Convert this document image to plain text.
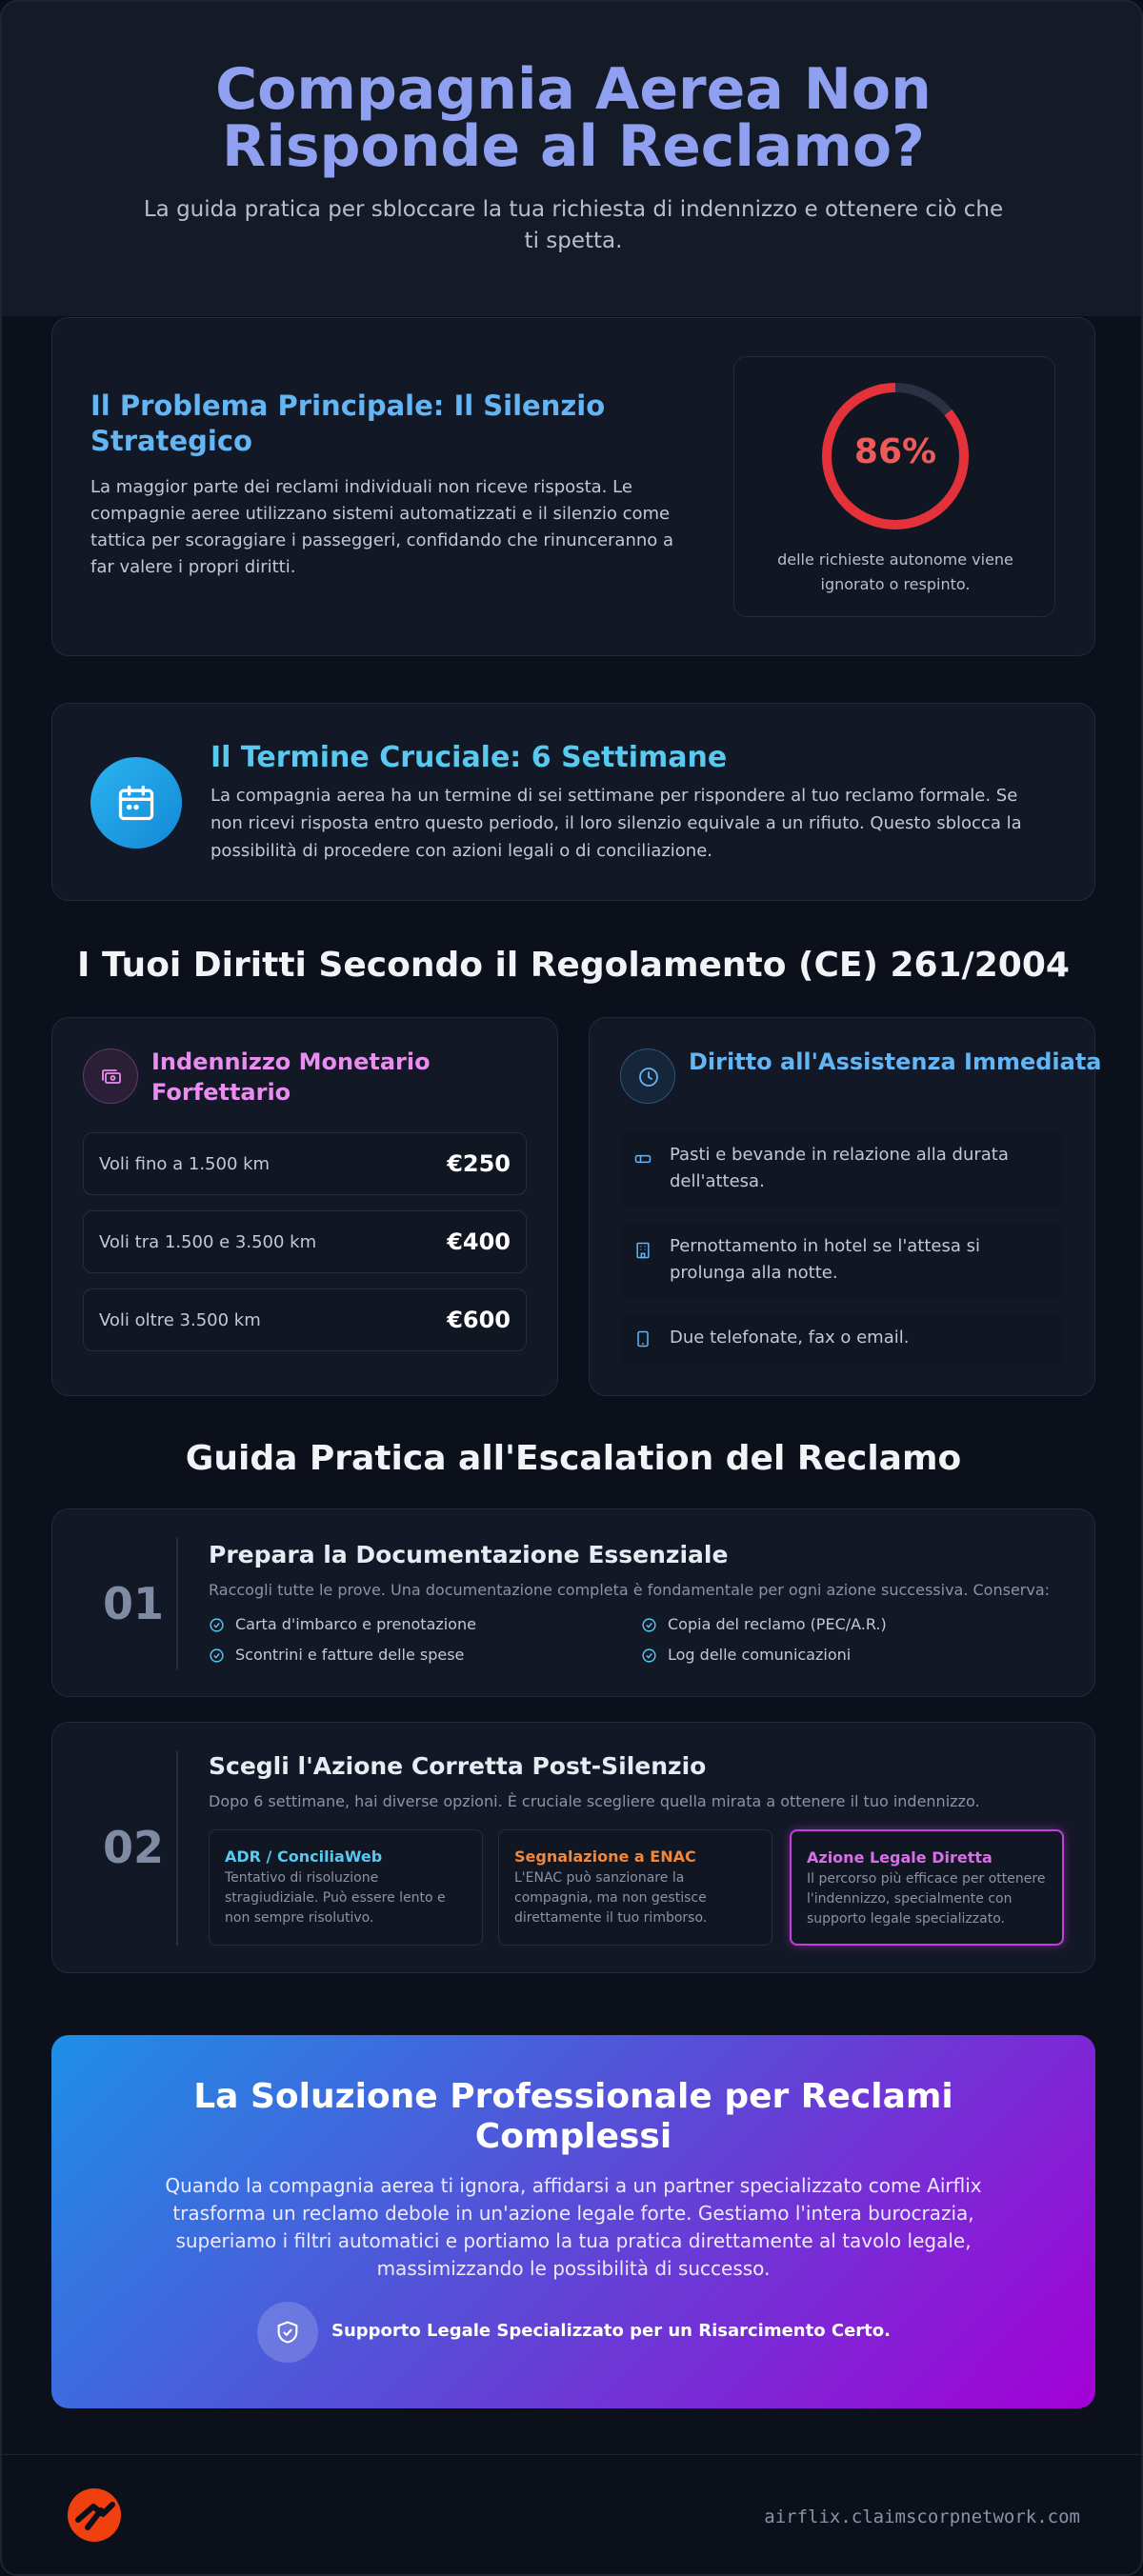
Compagnia Aerea Non Risponde al Reclamo?

La guida pratica per sbloccare la tua richiesta di indennizzo e ottenere ciò che ti spetta.

Il Problema Principale: Il Silenzio Strategico
La maggior parte dei reclami individuali non riceve risposta. Le compagnie aeree utilizzano sistemi automatizzati e il silenzio come tattica per scoraggiare i passeggeri, confidando che rinunceranno a far valere i propri diritti.
86%
delle richieste autonome viene ignorato o respinto.
Il Termine Cruciale: 6 Settimane
La compagnia aerea ha un termine di sei settimane per rispondere al tuo reclamo formale. Se non ricevi risposta entro questo periodo, il loro silenzio equivale a un rifiuto. Questo sblocca la possibilità di procedere con azioni legali o di conciliazione.
I Tuoi Diritti Secondo il Regolamento (CE) 261/2004
Indennizzo Monetario Forfettario
Voli fino a 1.500 km	€250
Voli tra 1.500 e 3.500 km	€400
Voli oltre 3.500 km	€600
Diritto all'Assistenza Immediata
Pasti e bevande in relazione alla durata dell'attesa.
Pernottamento in hotel se l'attesa si prolunga alla notte.
Due telefonate, fax o email.
Guida Pratica all'Escalation del Reclamo
01
Prepara la Documentazione Essenziale
Raccogli tutte le prove. Una documentazione completa è fondamentale per ogni azione successiva. Conserva:
Carta d'imbarco e prenotazione	Copia del reclamo (PEC/A.R.)
Scontrini e fatture delle spese	Log delle comunicazioni
02
Scegli l'Azione Corretta Post-Silenzio
Dopo 6 settimane, hai diverse opzioni. È cruciale scegliere quella mirata a ottenere il tuo indennizzo.
ADR / ConciliaWeb
Tentativo di risoluzione stragiudiziale. Può essere lento e non sempre risolutivo.
Segnalazione a ENAC
L'ENAC può sanzionare la compagnia, ma non gestisce direttamente il tuo rimborso.
Azione Legale Diretta
Il percorso più efficace per ottenere l'indennizzo, specialmente con supporto legale specializzato.
La Soluzione Professionale per Reclami Complessi

Quando la compagnia aerea ti ignora, affidarsi a un partner specializzato come Airflix trasforma un reclamo debole in un'azione legale forte. Gestiamo l'intera burocrazia, superiamo i filtri automatici e portiamo la tua pratica direttamente al tavolo legale, massimizzando le possibilità di successo.

Supporto Legale Specializzato per un Risarcimento Certo.
airflix.claimscorpnetwork.com
